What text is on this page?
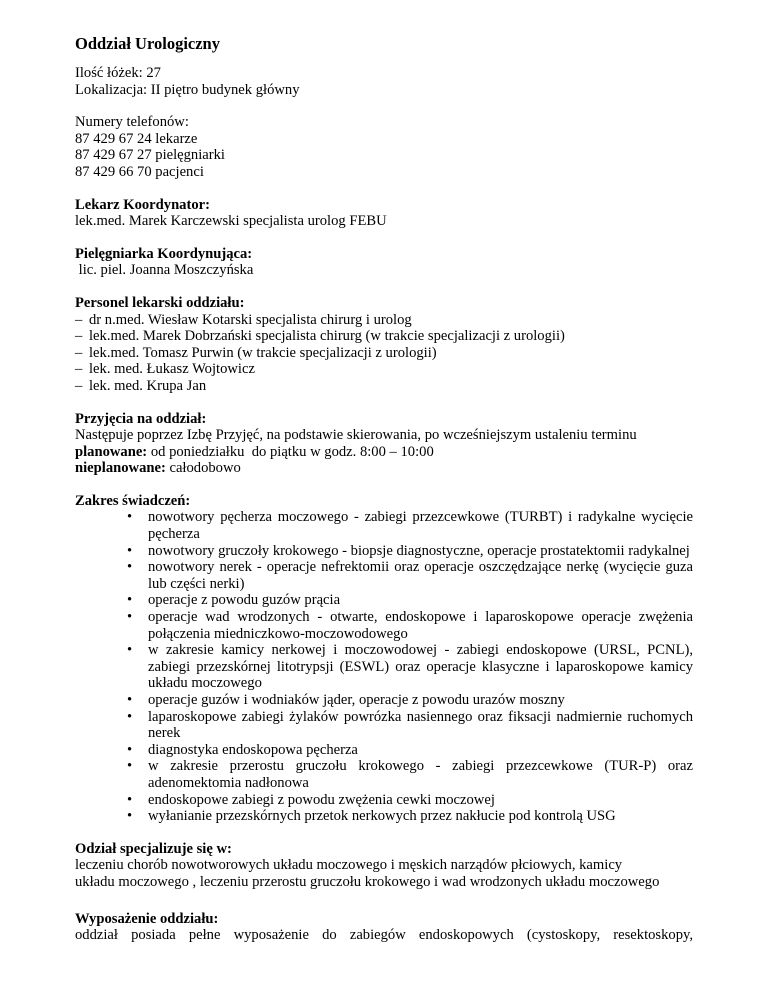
Oddział Urologiczny
Ilość łóżek: 27
Lokalizacja: II piętro budynek główny
Numery telefonów:
87 429 67 24 lekarze
87 429 67 27 pielęgniarki
87 429 66 70 pacjenci
Lekarz Koordynator:
lek.med. Marek Karczewski specjalista urolog FEBU
Pielęgniarka Koordynująca:
lic. piel. Joanna Moszczyńska
Personel lekarski oddziału:
– dr n.med. Wiesław Kotarski specjalista chirurg i urolog
– lek.med. Marek Dobrzański specjalista chirurg (w trakcie specjalizacji z urologii)
– lek.med. Tomasz Purwin (w trakcie specjalizacji z urologii)
– lek. med. Łukasz Wojtowicz
– lek. med. Krupa Jan
Przyjęcia na oddział:
Następuje poprzez Izbę Przyjęć, na podstawie skierowania, po wcześniejszym ustaleniu terminu
planowane: od poniedziałku  do piątku w godz. 8:00 – 10:00
nieplanowane: całodobowo
Zakres świadczeń:
• nowotwory pęcherza moczowego - zabiegi przezcewkowe (TURBT) i radykalne wycięcie pęcherza
• nowotwory gruczoły krokowego - biopsje diagnostyczne, operacje prostatektomii radykalnej
• nowotwory nerek - operacje nefrektomii oraz operacje oszczędzające nerkę (wycięcie guza lub części nerki)
• operacje z powodu guzów prącia
• operacje wad wrodzonych - otwarte, endoskopowe i laparoskopowe operacje zwężenia połączenia miedniczkowo-moczowodowego
• w zakresie kamicy nerkowej i moczowodowej - zabiegi endoskopowe (URSL, PCNL), zabiegi przezskórnej litotrypsji (ESWL) oraz operacje klasyczne i laparoskopowe kamicy układu moczowego
• operacje guzów i wodniaków jąder, operacje z powodu urazów moszny
• laparoskopowe zabiegi żylaków powrózka nasiennego oraz fiksacji nadmiernie ruchomych nerek
• diagnostyka endoskopowa pęcherza
• w zakresie przerostu gruczołu krokowego - zabiegi przezcewkowe (TUR-P) oraz adenomektomia nadłonowa
• endoskopowe zabiegi z powodu zwężenia cewki moczowej
• wyłanianie przezskórnych przetok nerkowych przez nakłucie pod kontrolą USG
Odział specjalizuje się w:
leczeniu chorób nowotworowych układu moczowego i męskich narządów płciowych, kamicy
układu moczowego , leczeniu przerostu gruczołu krokowego i wad wrodzonych układu moczowego
Wyposażenie oddziału:
oddział posiada pełne wyposażenie do zabiegów endoskopowych (cystoskopy, resektoskopy,
